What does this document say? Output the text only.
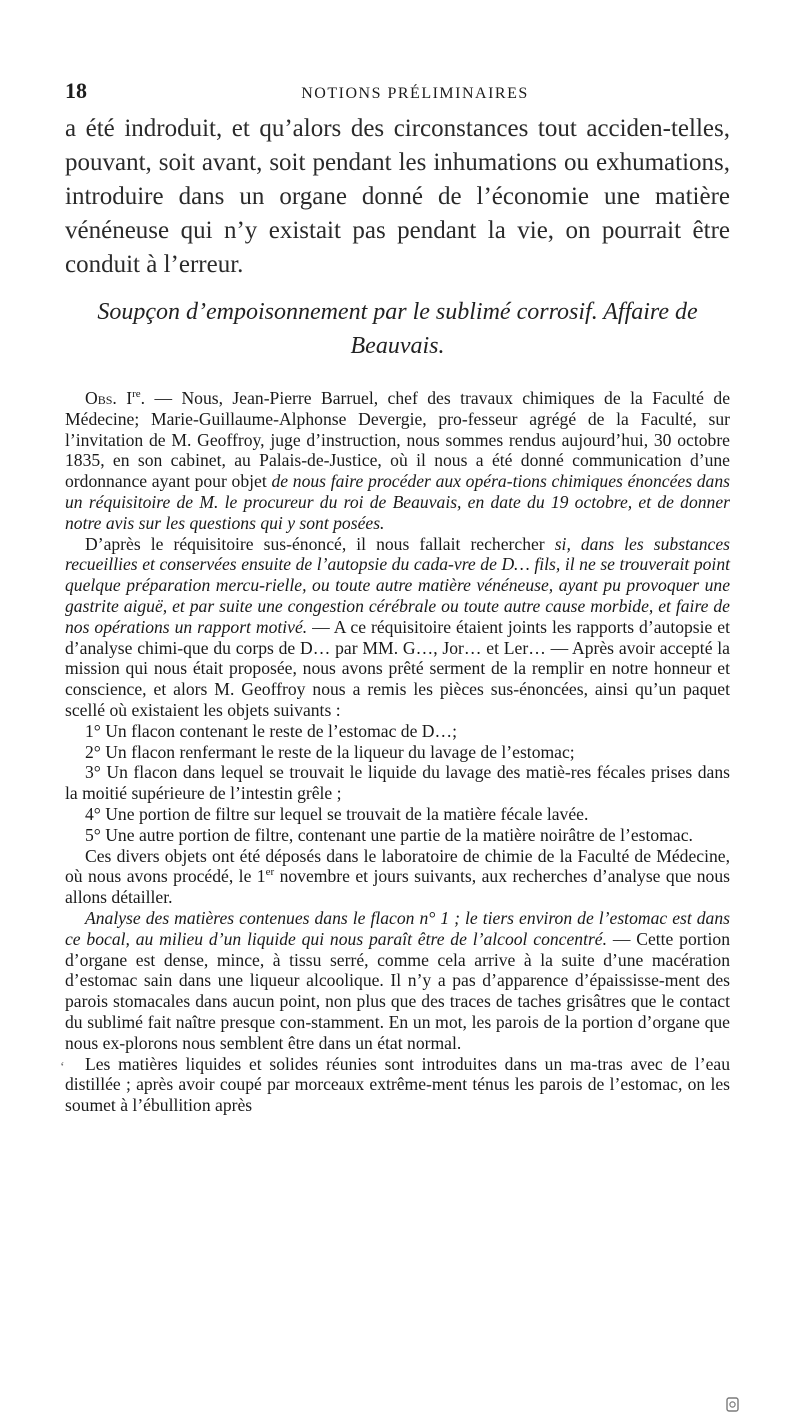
18	NOTIONS PRÉLIMINAIRES
a été indroduit, et qu’alors des circonstances tout acciden-telles, pouvant, soit avant, soit pendant les inhumations ou exhumations, introduire dans un organe donné de l’économie une matière vénéneuse qui n’y existait pas pendant la vie, on pourrait être conduit à l’erreur.
Soupçon d’empoisonnement par le sublimé corrosif. Affaire de Beauvais.

Obs. Ire. — Nous, Jean-Pierre Barruel, chef des travaux chimiques de la Faculté de Médecine; Marie-Guillaume-Alphonse Devergie, pro-fesseur agrégé de la Faculté, sur l’invitation de M. Geoffroy, juge d’instruction, nous sommes rendus aujourd’hui, 30 octobre 1835, en son cabinet, au Palais-de-Justice, où il nous a été donné communication d’une ordonnance ayant pour objet de nous faire procéder aux opéra-tions chimiques énoncées dans un réquisitoire de M. le procureur du roi de Beauvais, en date du 19 octobre, et de donner notre avis sur les questions qui y sont posées.

D’après le réquisitoire sus-énoncé, il nous fallait rechercher si, dans les substances recueillies et conservées ensuite de l’autopsie du cada-vre de D… fils, il ne se trouverait point quelque préparation mercu-rielle, ou toute autre matière vénéneuse, ayant pu provoquer une gastrite aiguë, et par suite une congestion cérébrale ou toute autre cause morbide, et faire de nos opérations un rapport motivé. — A ce réquisitoire étaient joints les rapports d’autopsie et d’analyse chimi-que du corps de D… par MM. G…, Jor… et Ler… — Après avoir accepté la mission qui nous était proposée, nous avons prêté serment de la remplir en notre honneur et conscience, et alors M. Geoffroy nous a remis les pièces sus-énoncées, ainsi qu’un paquet scellé où existaient les objets suivants :

1° Un flacon contenant le reste de l’estomac de D…;

2° Un flacon renfermant le reste de la liqueur du lavage de l’estomac;

3° Un flacon dans lequel se trouvait le liquide du lavage des matiè-res fécales prises dans la moitié supérieure de l’intestin grêle ;

4° Une portion de filtre sur lequel se trouvait de la matière fécale lavée.

5° Une autre portion de filtre, contenant une partie de la matière noirâtre de l’estomac.

Ces divers objets ont été déposés dans le laboratoire de chimie de la Faculté de Médecine, où nous avons procédé, le 1er novembre et jours suivants, aux recherches d’analyse que nous allons détailler.

Analyse des matières contenues dans le flacon n° 1 ; le tiers environ de l’estomac est dans ce bocal, au milieu d’un liquide qui nous paraît être de l’alcool concentré. — Cette portion d’organe est dense, mince, à tissu serré, comme cela arrive à la suite d’une macération d’estomac sain dans une liqueur alcoolique. Il n’y a pas d’apparence d’épaississe-ment des parois stomacales dans aucun point, non plus que des traces de taches grisâtres que le contact du sublimé fait naître presque con-stamment. En un mot, les parois de la portion d’organe que nous ex-plorons nous semblent être dans un état normal.

Les matières liquides et solides réunies sont introduites dans un ma-tras avec de l’eau distillée ; après avoir coupé par morceaux extrême-ment ténus les parois de l’estomac, on les soumet à l’ébullition après

‘
